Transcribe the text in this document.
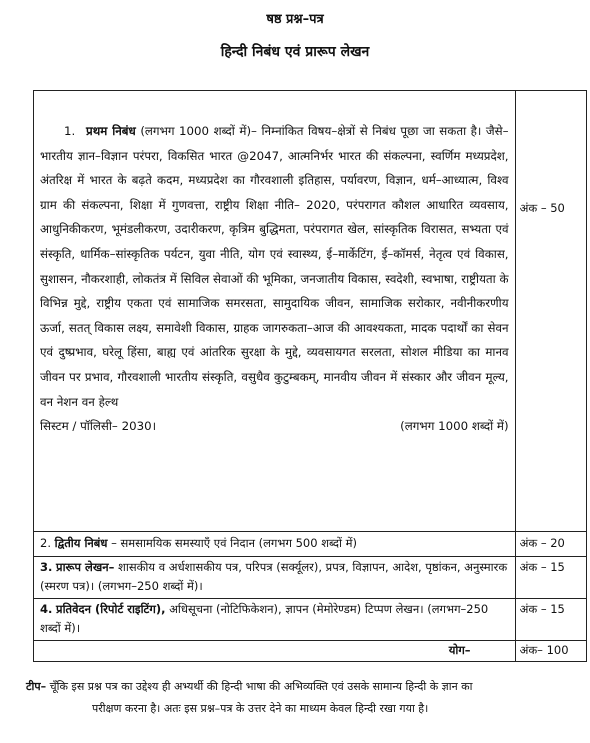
षष्ठ प्रश्न–पत्र
हिन्दी निबंध एवं प्रारूप लेखन
1. प्रथम निबंध (लगभग 1000 शब्दों में)– निम्नांकित विषय–क्षेत्रों से निबंध पूछा जा सकता है। जैसे– भारतीय ज्ञान–विज्ञान परंपरा, विकसित भारत @2047, आत्मनिर्भर भारत की संकल्पना, स्वर्णिम मध्यप्रदेश, अंतरिक्ष में भारत के बढ़ते कदम, मध्यप्रदेश का गौरवशाली इतिहास, पर्यावरण, विज्ञान, धर्म–आध्यात्म, विश्व ग्राम की संकल्पना, शिक्षा में गुणवत्ता, राष्ट्रीय शिक्षा नीति– 2020, परंपरागत कौशल आधारित व्यवसाय, आधुनिकीकरण, भूमंडलीकरण, उदारीकरण, कृत्रिम बुद्धिमता, परंपरागत खेल, सांस्कृतिक विरासत, सभ्यता एवं संस्कृति, धार्मिक–सांस्कृतिक पर्यटन, युवा नीति, योग एवं स्वास्थ्य, ई–मार्केटिंग, ई–कॉमर्स, नेतृत्व एवं विकास, सुशासन, नौकरशाही, लोकतंत्र में सिविल सेवाओं की भूमिका, जनजातीय विकास, स्वदेशी, स्वभाषा, राष्ट्रीयता के विभिन्न मुद्दे, राष्ट्रीय एकता एवं सामाजिक समरसता, सामुदायिक जीवन, सामाजिक सरोकार, नवीनीकरणीय ऊर्जा, सतत् विकास लक्ष्य, समावेशी विकास, ग्राहक जागरुकता–आज की आवश्यकता, मादक पदार्थों का सेवन एवं दुष्प्रभाव, घरेलू हिंसा, बाह्य एवं आंतरिक सुरक्षा के मुद्दे, व्यवसायगत सरलता, सोशल मीडिया का मानव जीवन पर प्रभाव, गौरवशाली भारतीय संस्कृति, वसुधैव कुटुम्बकम्, मानवीय जीवन में संस्कार और जीवन मूल्य, वन नेशन वन हेल्थ
सिस्टम / पॉलिसी– 2030। (लगभग 1000 शब्दों में)	अंक – 50

2. द्वितीय निबंध – समसामयिक समस्याएँ एवं निदान (लगभग 500 शब्दों में)	अंक – 20
3. प्रारूप लेखन– शासकीय व अर्धशासकीय पत्र, परिपत्र (सर्क्यूलर), प्रपत्र, विज्ञापन, आदेश, पृष्ठांकन, अनुस्मारक (स्मरण पत्र)। (लगभग–250 शब्दों में)।	अंक – 15
4. प्रतिवेदन (रिपोर्ट राइटिंग), अधिसूचना (नोटिफिकेशन), ज्ञापन (मेमोरेण्डम) टिप्पण लेखन। (लगभग–250 शब्दों में)।	अंक – 15
योग–	अंक– 100
टीप– चूँकि इस प्रश्न पत्र का उद्देश्य ही अभ्यर्थी की हिन्दी भाषा की अभिव्यक्ति एवं उसके सामान्य हिन्दी के ज्ञान का
परीक्षण करना है। अतः इस प्रश्न–पत्र के उत्तर देने का माध्यम केवल हिन्दी रखा गया है।
